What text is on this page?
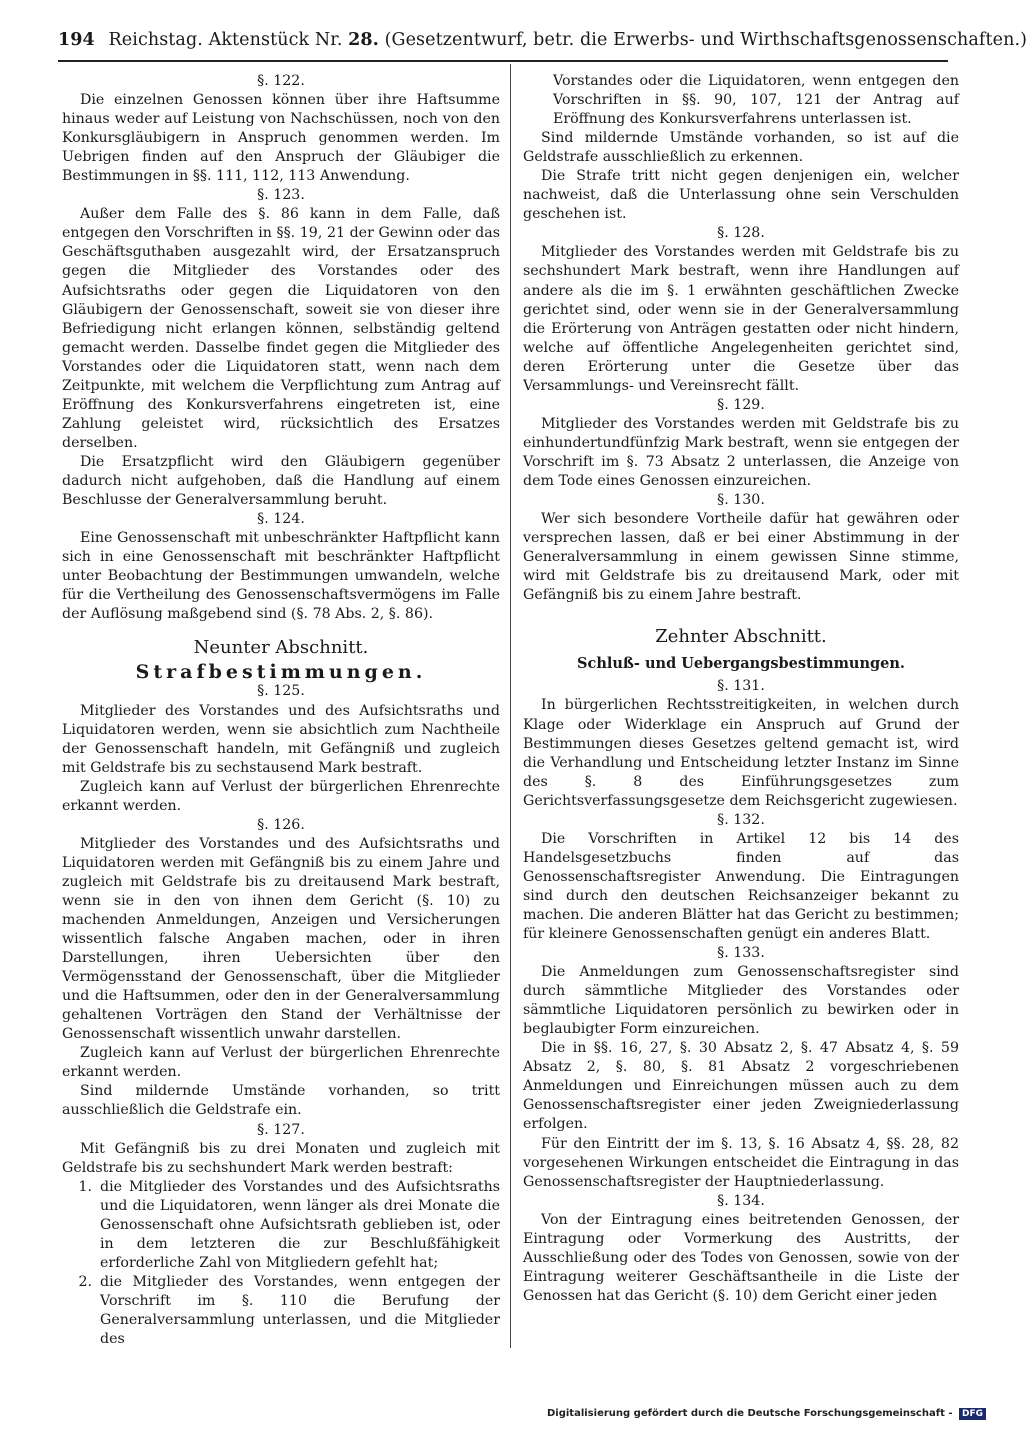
194 Reichstag. Aktenstück Nr. 28. (Gesetzentwurf, betr. die Erwerbs- und Wirthschaftsgenossenschaften.)
§. 122.

Die einzelnen Genossen können über ihre Haftsumme hinaus weder auf Leistung von Nachschüssen, noch von den Konkursgläubigern in Anspruch genommen werden. Im Uebrigen finden auf den Anspruch der Gläubiger die Bestimmungen in §§. 111, 112, 113 Anwendung.

§. 123.

Außer dem Falle des §. 86 kann in dem Falle, daß entgegen den Vorschriften in §§. 19, 21 der Gewinn oder das Geschäftsguthaben ausgezahlt wird, der Ersatzanspruch gegen die Mitglieder des Vorstandes oder des Aufsichtsraths oder gegen die Liquidatoren von den Gläubigern der Genossenschaft, soweit sie von dieser ihre Befriedigung nicht erlangen können, selbständig geltend gemacht werden. Dasselbe findet gegen die Mitglieder des Vorstandes oder die Liquidatoren statt, wenn nach dem Zeitpunkte, mit welchem die Verpflichtung zum Antrag auf Eröffnung des Konkursverfahrens eingetreten ist, eine Zahlung geleistet wird, rücksichtlich des Ersatzes derselben.

Die Ersatzpflicht wird den Gläubigern gegenüber dadurch nicht aufgehoben, daß die Handlung auf einem Beschlusse der Generalversammlung beruht.

§. 124.

Eine Genossenschaft mit unbeschränkter Haftpflicht kann sich in eine Genossenschaft mit beschränkter Haftpflicht unter Beobachtung der Bestimmungen umwandeln, welche für die Vertheilung des Genossenschaftsvermögens im Falle der Auflösung maßgebend sind (§. 78 Abs. 2, §. 86).

Neunter Abschnitt.
Strafbestimmungen.
§. 125.

Mitglieder des Vorstandes und des Aufsichtsraths und Liquidatoren werden, wenn sie absichtlich zum Nachtheile der Genossenschaft handeln, mit Gefängniß und zugleich mit Geldstrafe bis zu sechstausend Mark bestraft.

Zugleich kann auf Verlust der bürgerlichen Ehrenrechte erkannt werden.

§. 126.

Mitglieder des Vorstandes und des Aufsichtsraths und Liquidatoren werden mit Gefängniß bis zu einem Jahre und zugleich mit Geldstrafe bis zu dreitausend Mark bestraft, wenn sie in den von ihnen dem Gericht (§. 10) zu machenden Anmeldungen, Anzeigen und Versicherungen wissentlich falsche Angaben machen, oder in ihren Darstellungen, ihren Uebersichten über den Vermögensstand der Genossenschaft, über die Mitglieder und die Haftsummen, oder den in der Generalversammlung gehaltenen Vorträgen den Stand der Verhältnisse der Genossenschaft wissentlich unwahr darstellen.

Zugleich kann auf Verlust der bürgerlichen Ehrenrechte erkannt werden.

Sind mildernde Umstände vorhanden, so tritt ausschließlich die Geldstrafe ein.

§. 127.

Mit Gefängniß bis zu drei Monaten und zugleich mit Geldstrafe bis zu sechshundert Mark werden bestraft:

1. die Mitglieder des Vorstandes und des Aufsichtsraths und die Liquidatoren, wenn länger als drei Monate die Genossenschaft ohne Aufsichtsrath geblieben ist, oder in dem letzteren die zur Beschlußfähigkeit erforderliche Zahl von Mitgliedern gefehlt hat;
2. die Mitglieder des Vorstandes, wenn entgegen der Vorschrift im §. 110 die Berufung der Generalversammlung unterlassen, und die Mitglieder des

Vorstandes oder die Liquidatoren, wenn entgegen den Vorschriften in §§. 90, 107, 121 der Antrag auf Eröffnung des Konkursverfahrens unterlassen ist.

Sind mildernde Umstände vorhanden, so ist auf die Geldstrafe ausschließlich zu erkennen.

Die Strafe tritt nicht gegen denjenigen ein, welcher nachweist, daß die Unterlassung ohne sein Verschulden geschehen ist.

§. 128.

Mitglieder des Vorstandes werden mit Geldstrafe bis zu sechshundert Mark bestraft, wenn ihre Handlungen auf andere als die im §. 1 erwähnten geschäftlichen Zwecke gerichtet sind, oder wenn sie in der Generalversammlung die Erörterung von Anträgen gestatten oder nicht hindern, welche auf öffentliche Angelegenheiten gerichtet sind, deren Erörterung unter die Gesetze über das Versammlungs- und Vereinsrecht fällt.

§. 129.

Mitglieder des Vorstandes werden mit Geldstrafe bis zu einhundertundfünfzig Mark bestraft, wenn sie entgegen der Vorschrift im §. 73 Absatz 2 unterlassen, die Anzeige von dem Tode eines Genossen einzureichen.

§. 130.

Wer sich besondere Vortheile dafür hat gewähren oder versprechen lassen, daß er bei einer Abstimmung in der Generalversammlung in einem gewissen Sinne stimme, wird mit Geldstrafe bis zu dreitausend Mark, oder mit Gefängniß bis zu einem Jahre bestraft.

Zehnter Abschnitt.
Schluß- und Uebergangsbestimmungen.
§. 131.

In bürgerlichen Rechtsstreitigkeiten, in welchen durch Klage oder Widerklage ein Anspruch auf Grund der Bestimmungen dieses Gesetzes geltend gemacht ist, wird die Verhandlung und Entscheidung letzter Instanz im Sinne des §. 8 des Einführungsgesetzes zum Gerichtsverfassungsgesetze dem Reichsgericht zugewiesen.

§. 132.

Die Vorschriften in Artikel 12 bis 14 des Handelsgesetzbuchs finden auf das Genossenschaftsregister Anwendung. Die Eintragungen sind durch den deutschen Reichsanzeiger bekannt zu machen. Die anderen Blätter hat das Gericht zu bestimmen; für kleinere Genossenschaften genügt ein anderes Blatt.

§. 133.

Die Anmeldungen zum Genossenschaftsregister sind durch sämmtliche Mitglieder des Vorstandes oder sämmtliche Liquidatoren persönlich zu bewirken oder in beglaubigter Form einzureichen.

Die in §§. 16, 27, §. 30 Absatz 2, §. 47 Absatz 4, §. 59 Absatz 2, §. 80, §. 81 Absatz 2 vorgeschriebenen Anmeldungen und Einreichungen müssen auch zu dem Genossenschaftsregister einer jeden Zweigniederlassung erfolgen.

Für den Eintritt der im §. 13, §. 16 Absatz 4, §§. 28, 82 vorgesehenen Wirkungen entscheidet die Eintragung in das Genossenschaftsregister der Hauptniederlassung.

§. 134.

Von der Eintragung eines beitretenden Genossen, der Eintragung oder Vormerkung des Austritts, der Ausschließung oder des Todes von Genossen, sowie von der Eintragung weiterer Geschäftsantheile in die Liste der Genossen hat das Gericht (§. 10) dem Gericht einer jeden

Digitalisierung gefördert durch die Deutsche Forschungsgemeinschaft - DFG
